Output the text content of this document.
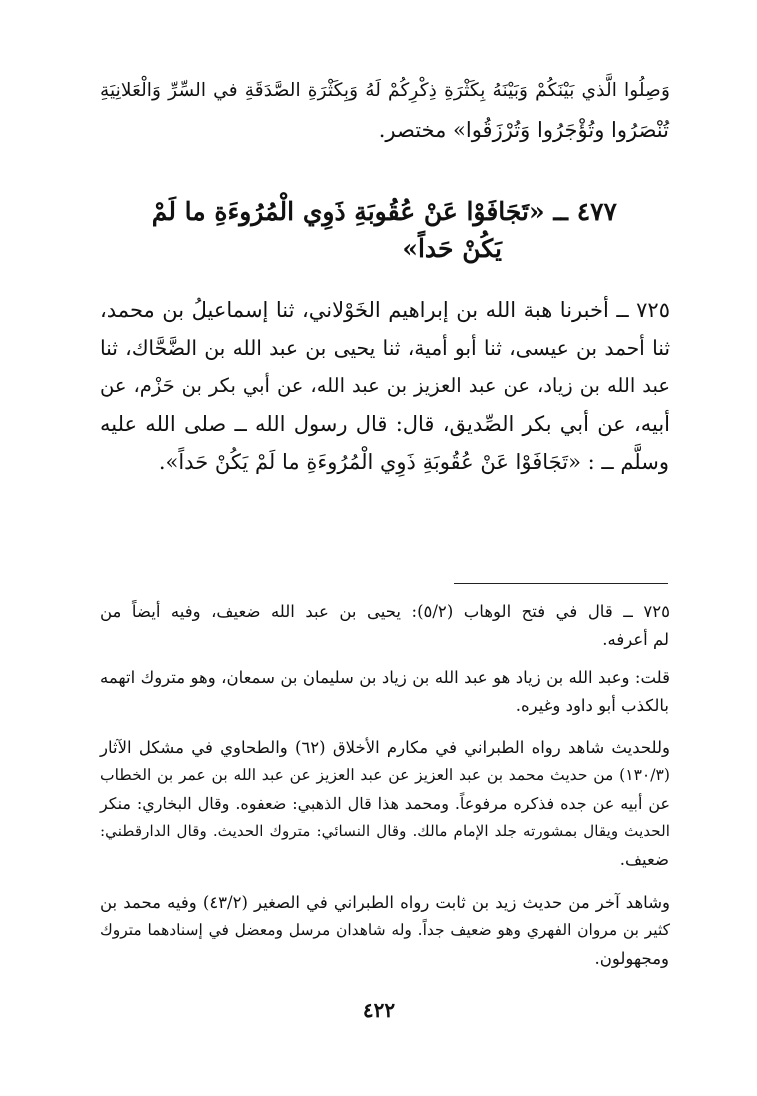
وَصِلُوا الَّذي بَيْنَكُمْ وَبَيْنَهُ بِكَثْرَةِ ذِكْرِكُمْ لَهُ وَبِكَثْرَةِ الصَّدَقَةِ في السِّرِّ وَالْعَلانِيَةِ
تُنْصَرُوا وتُؤْجَرُوا وَتُرْزَقُوا» مختصر.
٤٧٧ ــ «تَجَافَوْا عَنْ عُقُوبَةِ ذَوِي الْمُرُوءَةِ ما لَمْ
يَكُنْ حَداً»
٧٢٥ ــ أخبرنا هبة الله بن إبراهيم الخَوْلاني، ثنا إسماعيلُ بن محمد،
ثنا أحمد بن عيسى، ثنا أبو أمية، ثنا يحيى بن عبد الله بن الضَّحَّاك، ثنا
عبد الله بن زياد، عن عبد العزيز بن عبد الله، عن أبي بكر بن حَزْم، عن
أبيه، عن أبي بكر الصِّديق، قال: قال رسول الله ــ صلى الله عليه
وسلَّم ــ : «تَجَافَوْا عَنْ عُقُوبَةِ ذَوِي الْمُرُوءَةِ ما لَمْ يَكُنْ حَداً».
٧٢٥ ــ قال في فتح الوهاب (٥/٢): يحيى بن عبد الله ضعيف، وفيه أيضاً من
لم أعرفه.
قلت: وعبد الله بن زياد هو عبد الله بن زياد بن سليمان بن سمعان، وهو متروك اتهمه
بالكذب أبو داود وغيره.
وللحديث شاهد رواه الطبراني في مكارم الأخلاق (٦٢) والطحاوي في مشكل الآثار
(١٣٠/٣) من حديث محمد بن عبد العزيز عن عبد العزيز عن عبد الله بن عمر بن الخطاب
عن أبيه عن جده فذكره مرفوعاً. ومحمد هذا قال الذهبي: ضعفوه. وقال البخاري: منكر
الحديث ويقال بمشورته جلد الإمام مالك. وقال النسائي: متروك الحديث. وقال الدارقطني:
ضعيف.
وشاهد آخر من حديث زيد بن ثابت رواه الطبراني في الصغير (٤٣/٢) وفيه محمد بن
كثير بن مروان الفهري وهو ضعيف جداً. وله شاهدان مرسل ومعضل في إسنادهما متروك
ومجهولون.
٤٢٢
